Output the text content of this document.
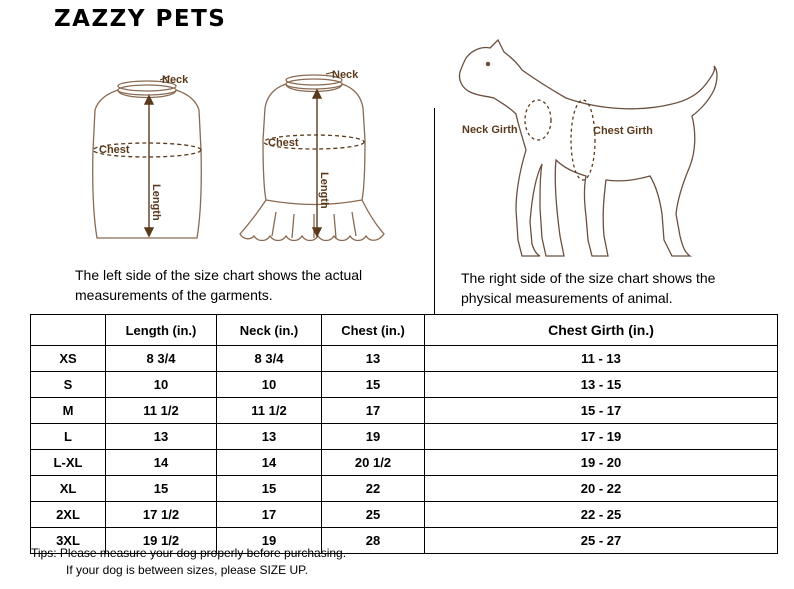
ZAZZY PETS
Neck
Chest
Length
Neck
Chest
Length
Neck Girth	Chest Girth
The left side of the size chart shows the actual measurements of the garments.
The right side of the size chart shows the physical measurements of animal.
	Length (in.)	Neck (in.)	Chest (in.)	Chest Girth (in.)
XS	8 3/4	8 3/4	13	11 - 13
S	10	10	15	13 - 15
M	11 1/2	11 1/2	17	15 - 17
L	13	13	19	17 - 19
L-XL	14	14	20 1/2	19 - 20
XL	15	15	22	20 - 22
2XL	17 1/2	17	25	22 - 25
3XL	19 1/2	19	28	25 - 27
Tips: Please measure your dog properly before purchasing.
If your dog is between sizes, please SIZE UP.
